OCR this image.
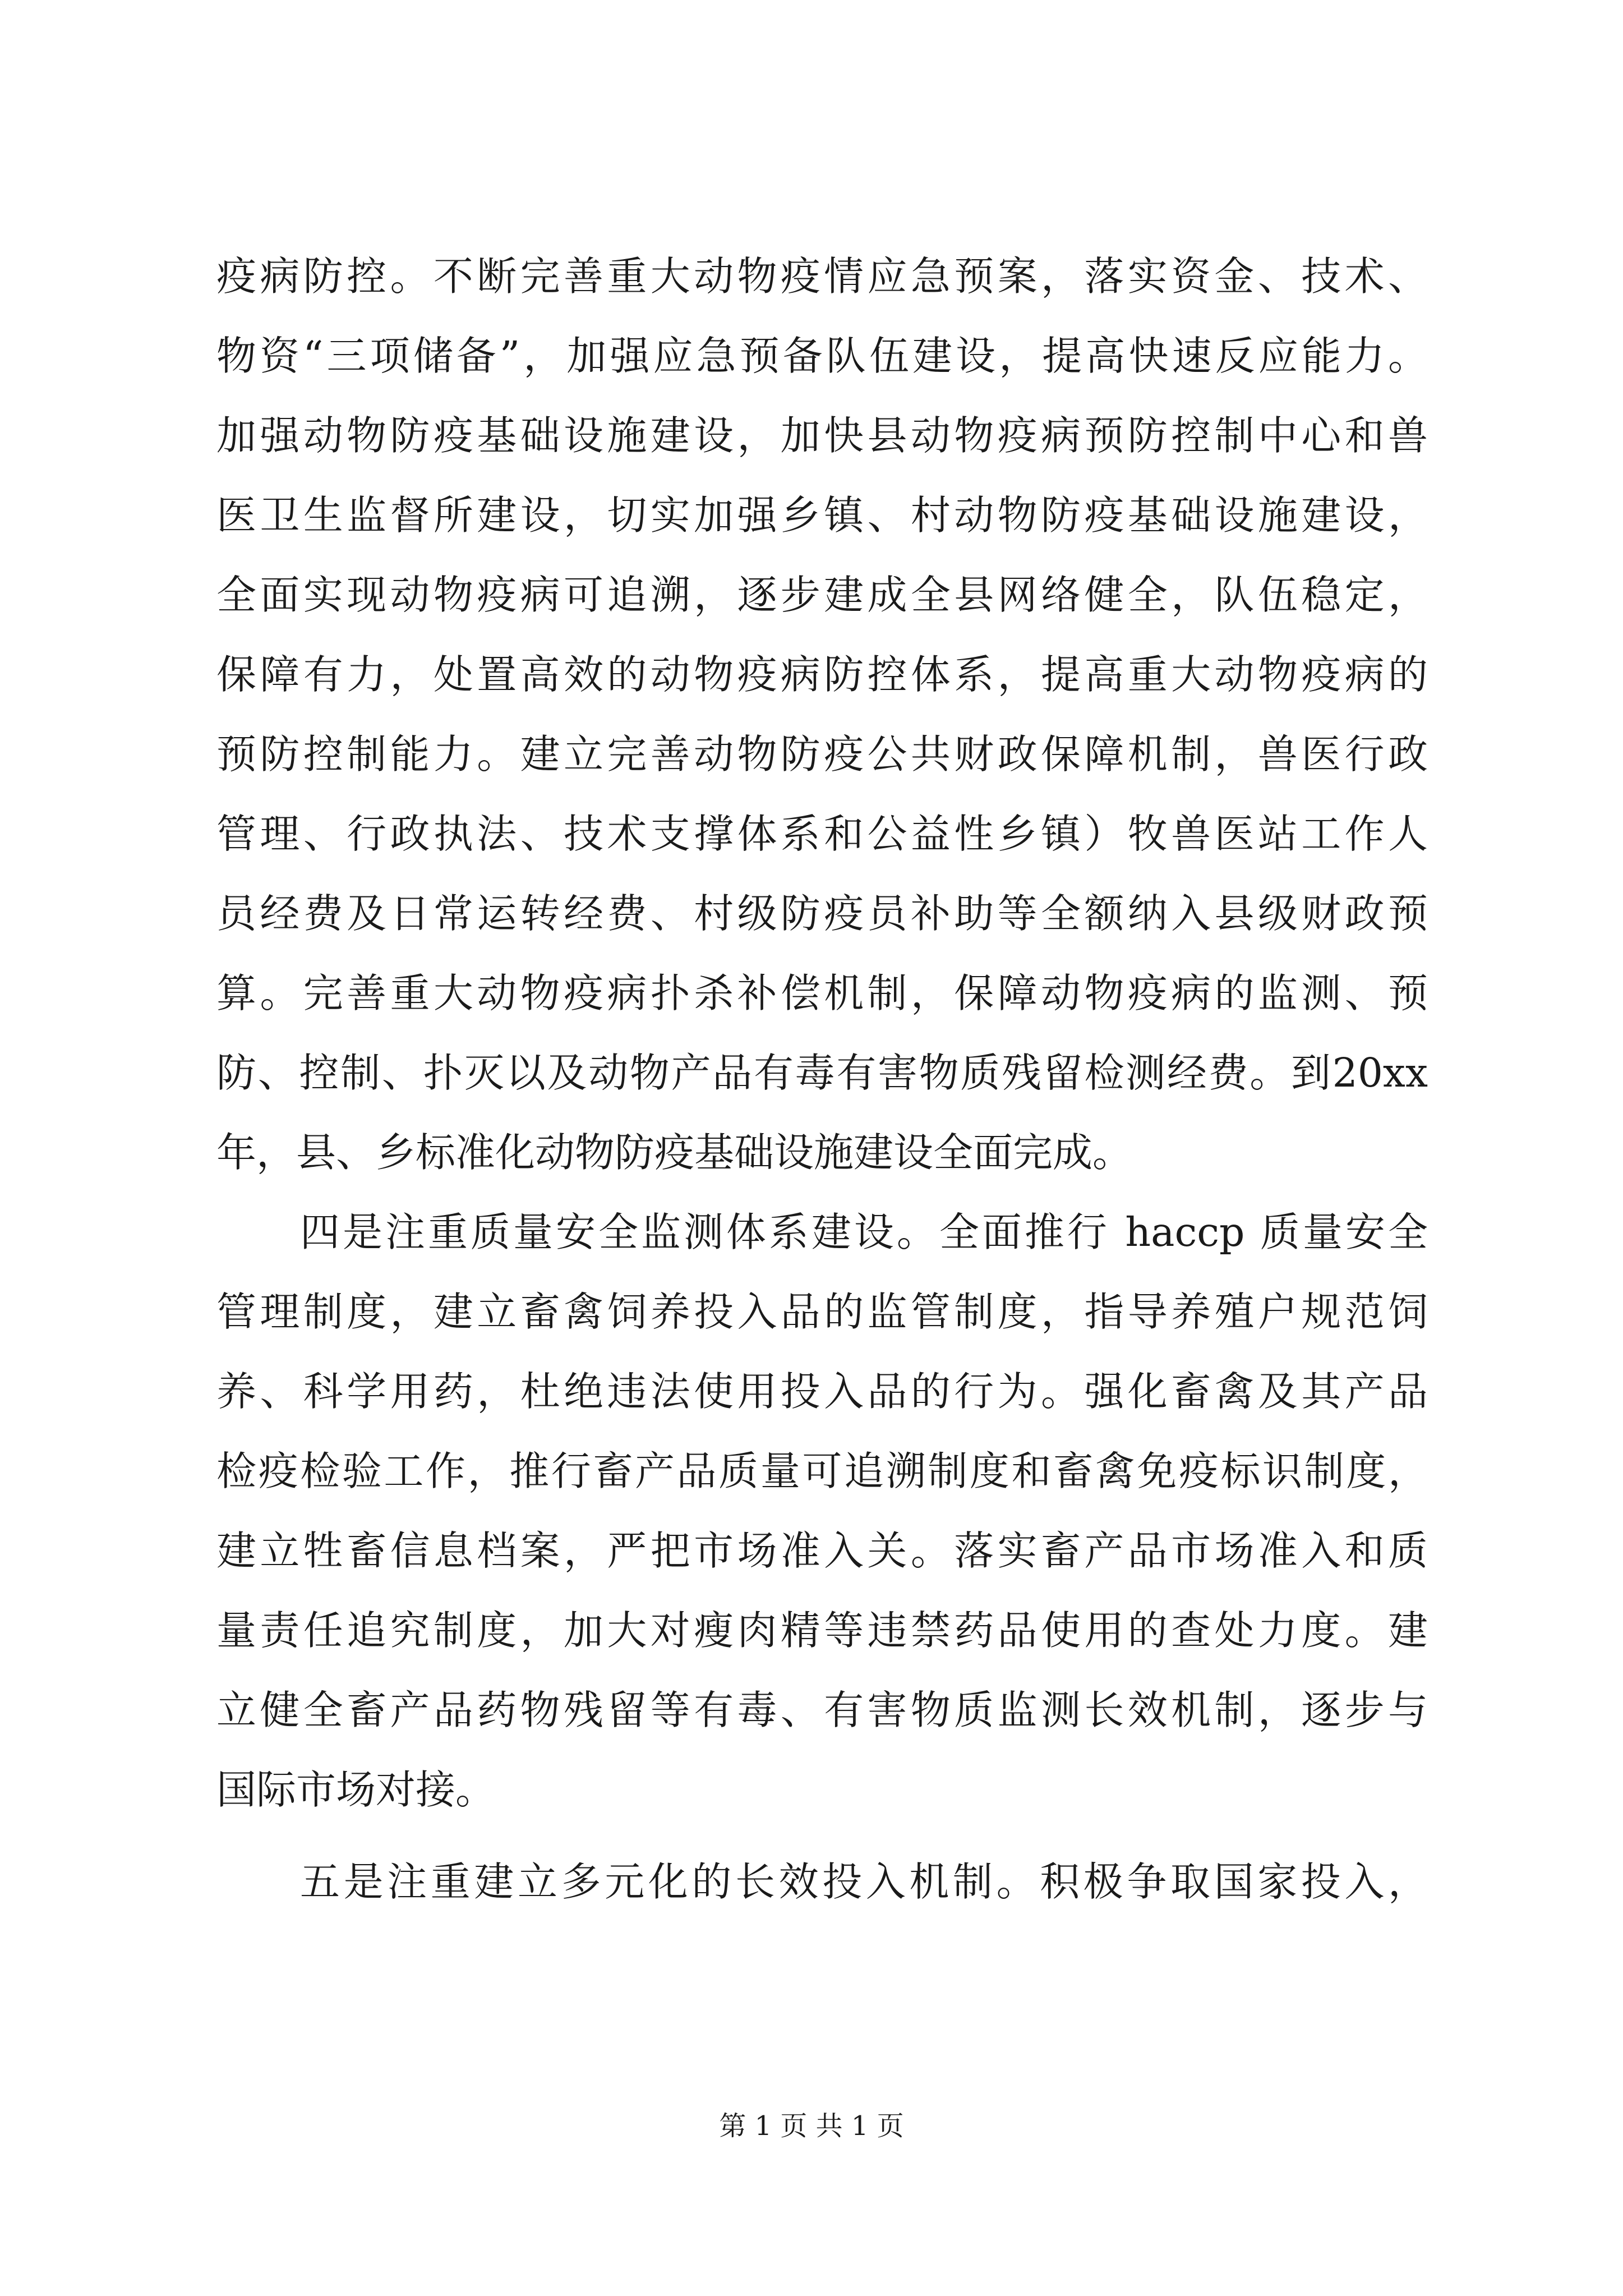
疫病防控。不断完善重大动物疫情应急预案，落实资金、技术、
物资“三项储备”，加强应急预备队伍建设，提高快速反应能力。
加强动物防疫基础设施建设，加快县动物疫病预防控制中心和兽
医卫生监督所建设，切实加强乡镇、村动物防疫基础设施建设，
全面实现动物疫病可追溯，逐步建成全县网络健全，队伍稳定，
保障有力，处置高效的动物疫病防控体系，提高重大动物疫病的
预防控制能力。建立完善动物防疫公共财政保障机制，兽医行政
管理、行政执法、技术支撑体系和公益性乡镇）牧兽医站工作人
员经费及日常运转经费、村级防疫员补助等全额纳入县级财政预
算。完善重大动物疫病扑杀补偿机制，保障动物疫病的监测、预
防、控制、扑灭以及动物产品有毒有害物质残留检测经费。到20xx
年，县、乡标准化动物防疫基础设施建设全面完成。
四是注重质量安全监测体系建设。全面推行 haccp 质量安全
管理制度，建立畜禽饲养投入品的监管制度，指导养殖户规范饲
养、科学用药，杜绝违法使用投入品的行为。强化畜禽及其产品
检疫检验工作，推行畜产品质量可追溯制度和畜禽免疫标识制度，
建立牲畜信息档案，严把市场准入关。落实畜产品市场准入和质
量责任追究制度，加大对瘦肉精等违禁药品使用的查处力度。建
立健全畜产品药物残留等有毒、有害物质监测长效机制，逐步与
国际市场对接。
五是注重建立多元化的长效投入机制。积极争取国家投入，
第 1 页 共 1 页
